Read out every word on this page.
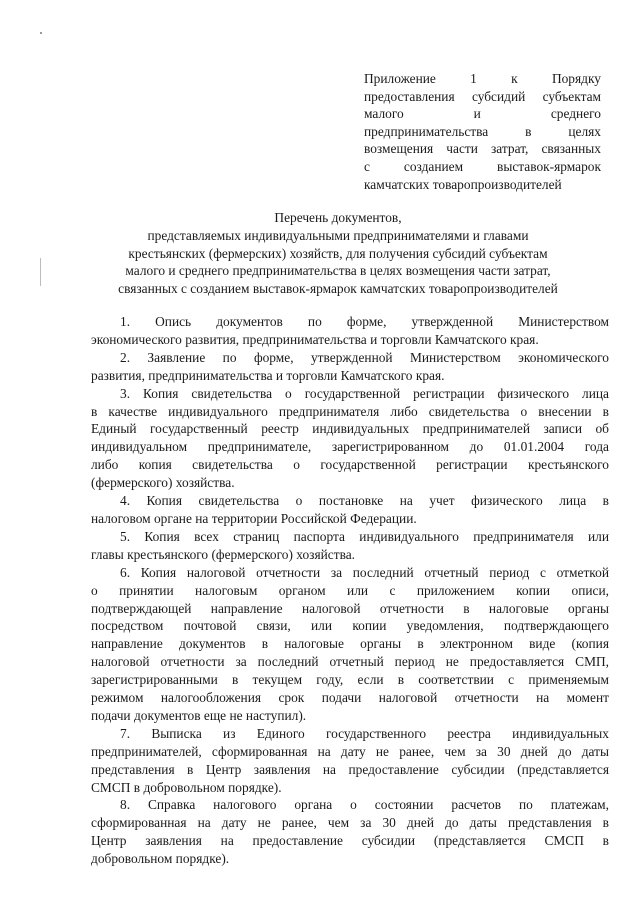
Приложение 1 к Порядку
предоставления субсидий субъектам
малого и среднего
предпринимательства в целях
возмещения части затрат, связанных
с созданием выставок-ярмарок
камчатских товаропроизводителей
Перечень документов,
представляемых индивидуальными предпринимателями и главами
крестьянских (фермерских) хозяйств, для получения субсидий субъектам
малого и среднего предпринимательства в целях возмещения части затрат,
связанных с созданием выставок-ярмарок камчатских товаропроизводителей
1. Опись документов по форме, утвержденной Министерством
экономического развития, предпринимательства и торговли Камчатского края.
2. Заявление по форме, утвержденной Министерством экономического
развития, предпринимательства и торговли Камчатского края.
3. Копия свидетельства о государственной регистрации физического лица
в качестве индивидуального предпринимателя либо свидетельства о внесении в
Единый государственный реестр индивидуальных предпринимателей записи об
индивидуальном предпринимателе, зарегистрированном до 01.01.2004 года
либо копия свидетельства о государственной регистрации крестьянского
(фермерского) хозяйства.
4. Копия свидетельства о постановке на учет физического лица в
налоговом органе на территории Российской Федерации.
5. Копия всех страниц паспорта индивидуального предпринимателя или
главы крестьянского (фермерского) хозяйства.
6. Копия налоговой отчетности за последний отчетный период с отметкой
о принятии налоговым органом или с приложением копии описи,
подтверждающей направление налоговой отчетности в налоговые органы
посредством почтовой связи, или копии уведомления, подтверждающего
направление документов в налоговые органы в электронном виде (копия
налоговой отчетности за последний отчетный период не предоставляется СМП,
зарегистрированными в текущем году, если в соответствии с применяемым
режимом налогообложения срок подачи налоговой отчетности на момент
подачи документов еще не наступил).
7. Выписка из Единого государственного реестра индивидуальных
предпринимателей, сформированная на дату не ранее, чем за 30 дней до даты
представления в Центр заявления на предоставление субсидии (представляется
СМСП в добровольном порядке).
8. Справка налогового органа о состоянии расчетов по платежам,
сформированная на дату не ранее, чем за 30 дней до даты представления в
Центр заявления на предоставление субсидии (представляется СМСП в
добровольном порядке).
